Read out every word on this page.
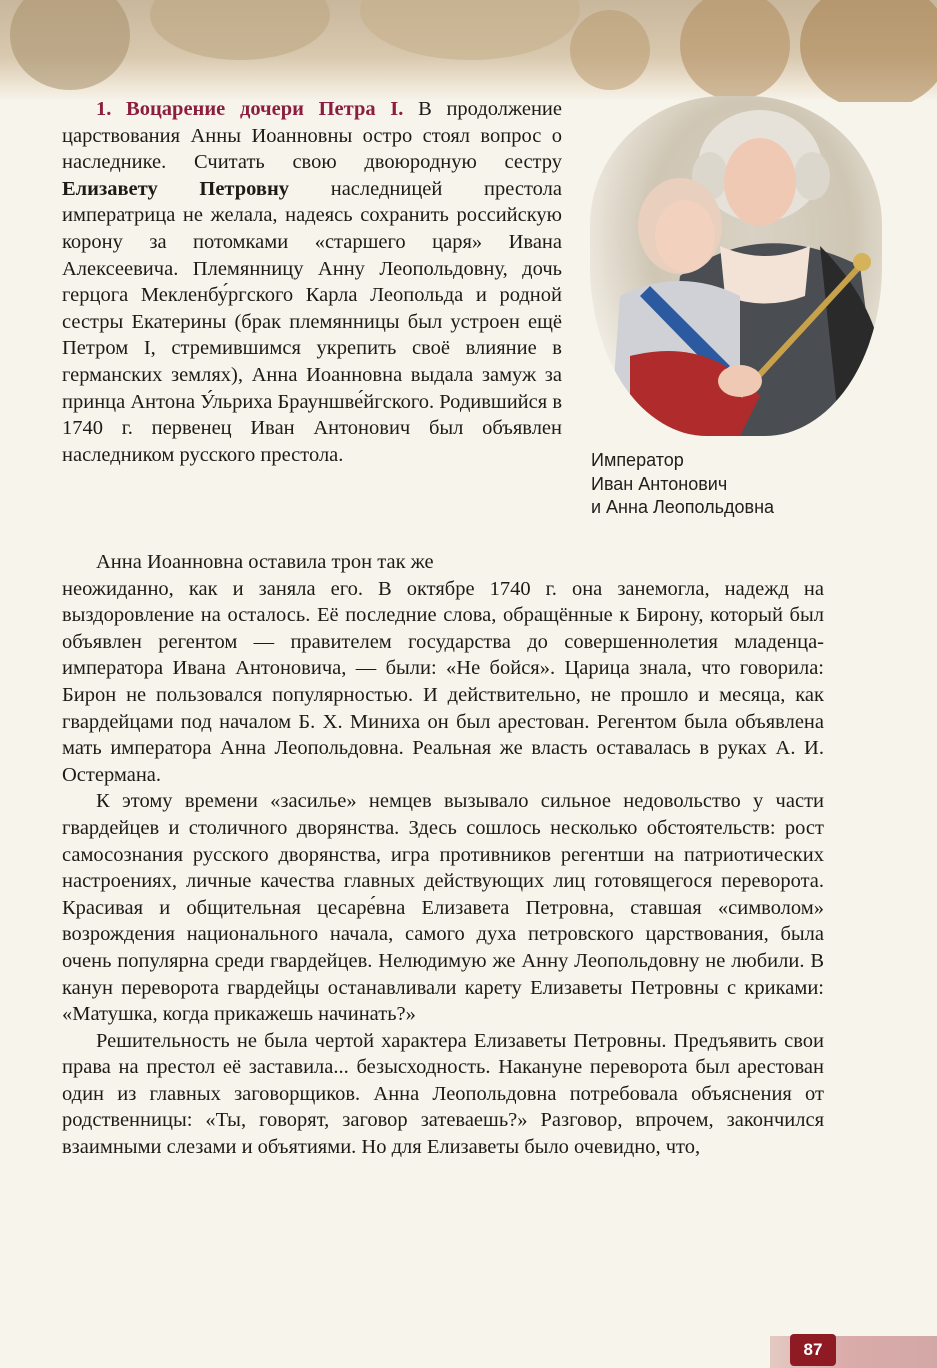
1. Воцарение дочери Петра I. В продолжение царствования Анны Иоанновны остро стоял вопрос о наследнике. Считать свою двоюродную сестру Елизавету Петровну наследницей престола императрица не желала, надеясь сохранить российскую корону за потомками «старшего царя» Ивана Алексеевича. Племянницу Анну Леопольдовну, дочь герцога Мекленбу́ргского Карла Леопольда и родной сестры Екатерины (брак племянницы был устроен ещё Петром I, стремившимся укрепить своё влияние в германских землях), Анна Иоанновна выдала замуж за принца Антона У́льриха Брауншве́йгского. Родившийся в 1740 г. первенец Иван Антонович был объявлен наследником русского престола.	Император
Иван Антонович
и Анна Леопольдовна

Анна Иоанновна оставила трон так же

неожиданно, как и заняла его. В октябре 1740 г. она занемогла, надежд на выздоровление на осталось. Её последние слова, обращённые к Бирону, который был объявлен регентом — правителем государства до совершеннолетия младенца-императора Ивана Антоновича, — были: «Не бойся». Царица знала, что говорила: Бирон не пользовался популярностью. И действительно, не прошло и месяца, как гвардейцами под началом Б. Х. Миниха он был арестован. Регентом была объявлена мать императора Анна Леопольдовна. Реальная же власть оставалась в руках А. И. Остермана.

К этому времени «засилье» немцев вызывало сильное недовольство у части гвардейцев и столичного дворянства. Здесь сошлось несколько обстоятельств: рост самосознания русского дворянства, игра противников регентши на патриотических настроениях, личные качества главных действующих лиц готовящегося переворота. Красивая и общительная цесаре́вна Елизавета Петровна, ставшая «символом» возрождения национального начала, самого духа петровского царствования, была очень популярна среди гвардейцев. Нелюдимую же Анну Леопольдовну не любили. В канун переворота гвардейцы останавливали карету Елизаветы Петровны с криками: «Матушка, когда прикажешь начинать?»

Решительность не была чертой характера Елизаветы Петровны. Предъявить свои права на престол её заставила... безысходность. Накануне переворота был арестован один из главных заговорщиков. Анна Леопольдовна потребовала объяснения от родственницы: «Ты, говорят, заговор затеваешь?» Разговор, впрочем, закончился взаимными слезами и объятиями. Но для Елизаветы было очевидно, что,

87
